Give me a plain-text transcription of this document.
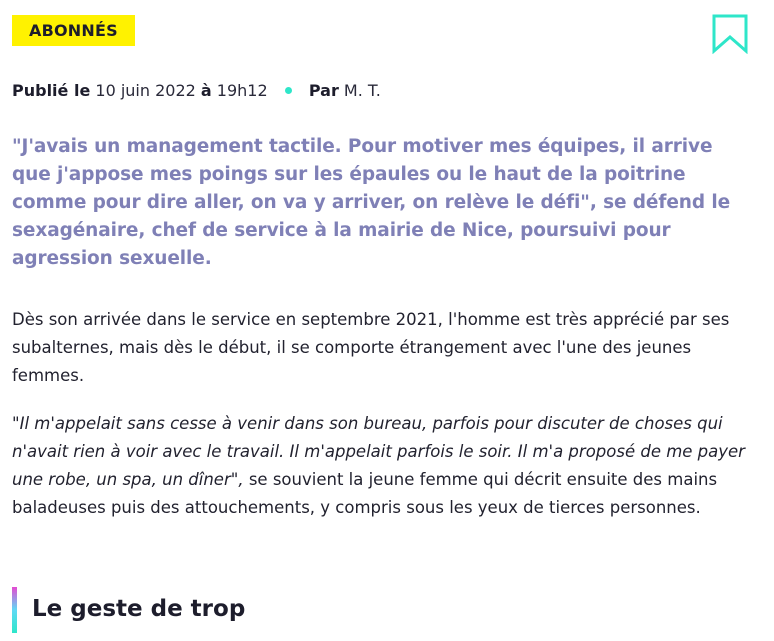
ABONNÉS
Publié le 10 juin 2022 à 19h12	Par M. T.

"J'avais un management tactile. Pour motiver mes équipes, il arrive que j'appose mes poings sur les épaules ou le haut de la poitrine comme pour dire aller, on va y arriver, on relève le défi", se défend le sexagénaire, chef de service à la mairie de Nice, poursuivi pour agression sexuelle.

Dès son arrivée dans le service en septembre 2021, l'homme est très apprécié par ses subalternes, mais dès le début, il se comporte étrangement avec l'une des jeunes femmes.

"Il m'appelait sans cesse à venir dans son bureau, parfois pour discuter de choses qui n'avait rien à voir avec le travail. Il m'appelait parfois le soir. Il m'a proposé de me payer une robe, un spa, un dîner", se souvient la jeune femme qui décrit ensuite des mains baladeuses puis des attouchements, y compris sous les yeux de tierces personnes.

Le geste de trop
